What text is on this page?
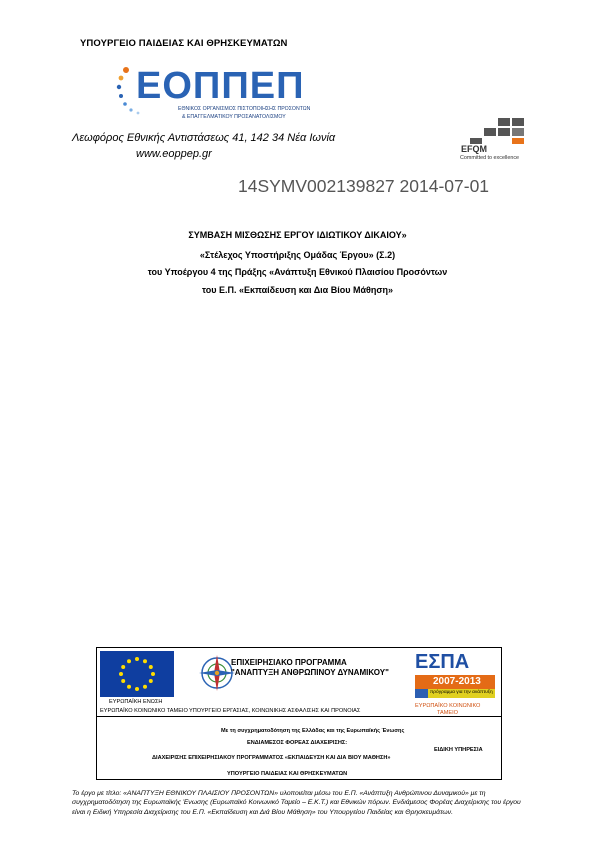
ΥΠΟΥΡΓΕΙΟ ΠΑΙΔΕΙΑΣ ΚΑΙ ΘΡΗΣΚΕΥΜΑΤΩΝ
ΕΟΠΠΕΠ
ΕΘΝΙΚΟΣ ΟΡΓΑΝΙΣΜΟΣ ΠΙΣΤΟΠΟΙΗΣΗΣ ΠΡΟΣΟΝΤΩΝ
& ΕΠΑΓΓΕΛΜΑΤΙΚΟΥ ΠΡΟΣΑΝΑΤΟΛΙΣΜΟΥ
Λεωφόρος Εθνικής Αντιστάσεως 41, 142 34 Νέα Ιωνία
www.eoppep.gr	EFQM
Committed to excellence
14SYMV002139827 2014-07-01
ΣΥΜΒΑΣΗ ΜΙΣΘΩΣΗΣ ΕΡΓΟΥ ΙΔΙΩΤΙΚΟΥ ΔΙΚΑΙΟΥ»
«Στέλεχος Υποστήριξης Ομάδας Έργου» (Σ.2)
του Υποέργου 4 της Πράξης «Ανάπτυξη Εθνικού Πλαισίου Προσόντων
του Ε.Π. «Εκπαίδευση και Δια Βίου Μάθηση»
ΕΥΡΩΠΑΪΚΗ ΕΝΩΣΗ
ΕΥΡΩΠΑΪΚΟ ΚΟΙΝΩΝΙΚΟ ΤΑΜΕΙΟ
ΕΠΙΧΕΙΡΗΣΙΑΚΟ ΠΡΟΓΡΑΜΜΑ
"ΑΝΑΠΤΥΞΗ ΑΝΘΡΩΠΙΝΟΥ ΔΥΝΑΜΙΚΟΥ"
ΥΠΟΥΡΓΕΙΟ ΕΡΓΑΣΙΑΣ, ΚΟΙΝΩΝΙΚΗΣ ΑΣΦΑΛΙΣΗΣ ΚΑΙ ΠΡΟΝΟΙΑΣ
ΕΣΠΑ
2007-2013
πρόγραμμα για την ανάπτυξη
ΕΥΡΩΠΑΪΚΟ ΚΟΙΝΩΝΙΚΟ
ΤΑΜΕΙΟ
Με τη συγχρηματοδότηση της Ελλάδας και της Ευρωπαϊκής Ένωσης
ΕΝΔΙΑΜΕΣΟΣ ΦΟΡΕΑΣ ΔΙΑΧΕΙΡΙΣΗΣ:
ΕΙΔΙΚΗ ΥΠΗΡΕΣΙΑ
ΔΙΑΧΕΙΡΙΣΗΣ ΕΠΙΧΕΙΡΗΣΙΑΚΟΥ ΠΡΟΓΡΑΜΜΑΤΟΣ «ΕΚΠΑΙΔΕΥΣΗ ΚΑΙ ΔΙΑ ΒΙΟΥ ΜΑΘΗΣΗ»
ΥΠΟΥΡΓΕΙΟ ΠΑΙΔΕΙΑΣ ΚΑΙ ΘΡΗΣΚΕΥΜΑΤΩΝ
Το έργο με τίτλο: «ΑΝΑΠΤΥΞΗ ΕΘΝΙΚΟΥ ΠΛΑΙΣΙΟΥ ΠΡΟΣΟΝΤΩΝ» υλοποιείται μέσω του Ε.Π. «Ανάπτυξη Ανθρώπινου Δυναμικού» με τη συγχρηματοδότηση της Ευρωπαϊκής Ένωσης (Ευρωπαϊκό Κοινωνικό Ταμείο – Ε.Κ.Τ.) και Εθνικών πόρων. Ενδιάμεσος Φορέας Διαχείρισης του έργου είναι η Ειδική Υπηρεσία Διαχείρισης του Ε.Π. «Εκπαίδευση και Διά Βίου Μάθηση» του Υπουργείου Παιδείας και Θρησκευμάτων.
